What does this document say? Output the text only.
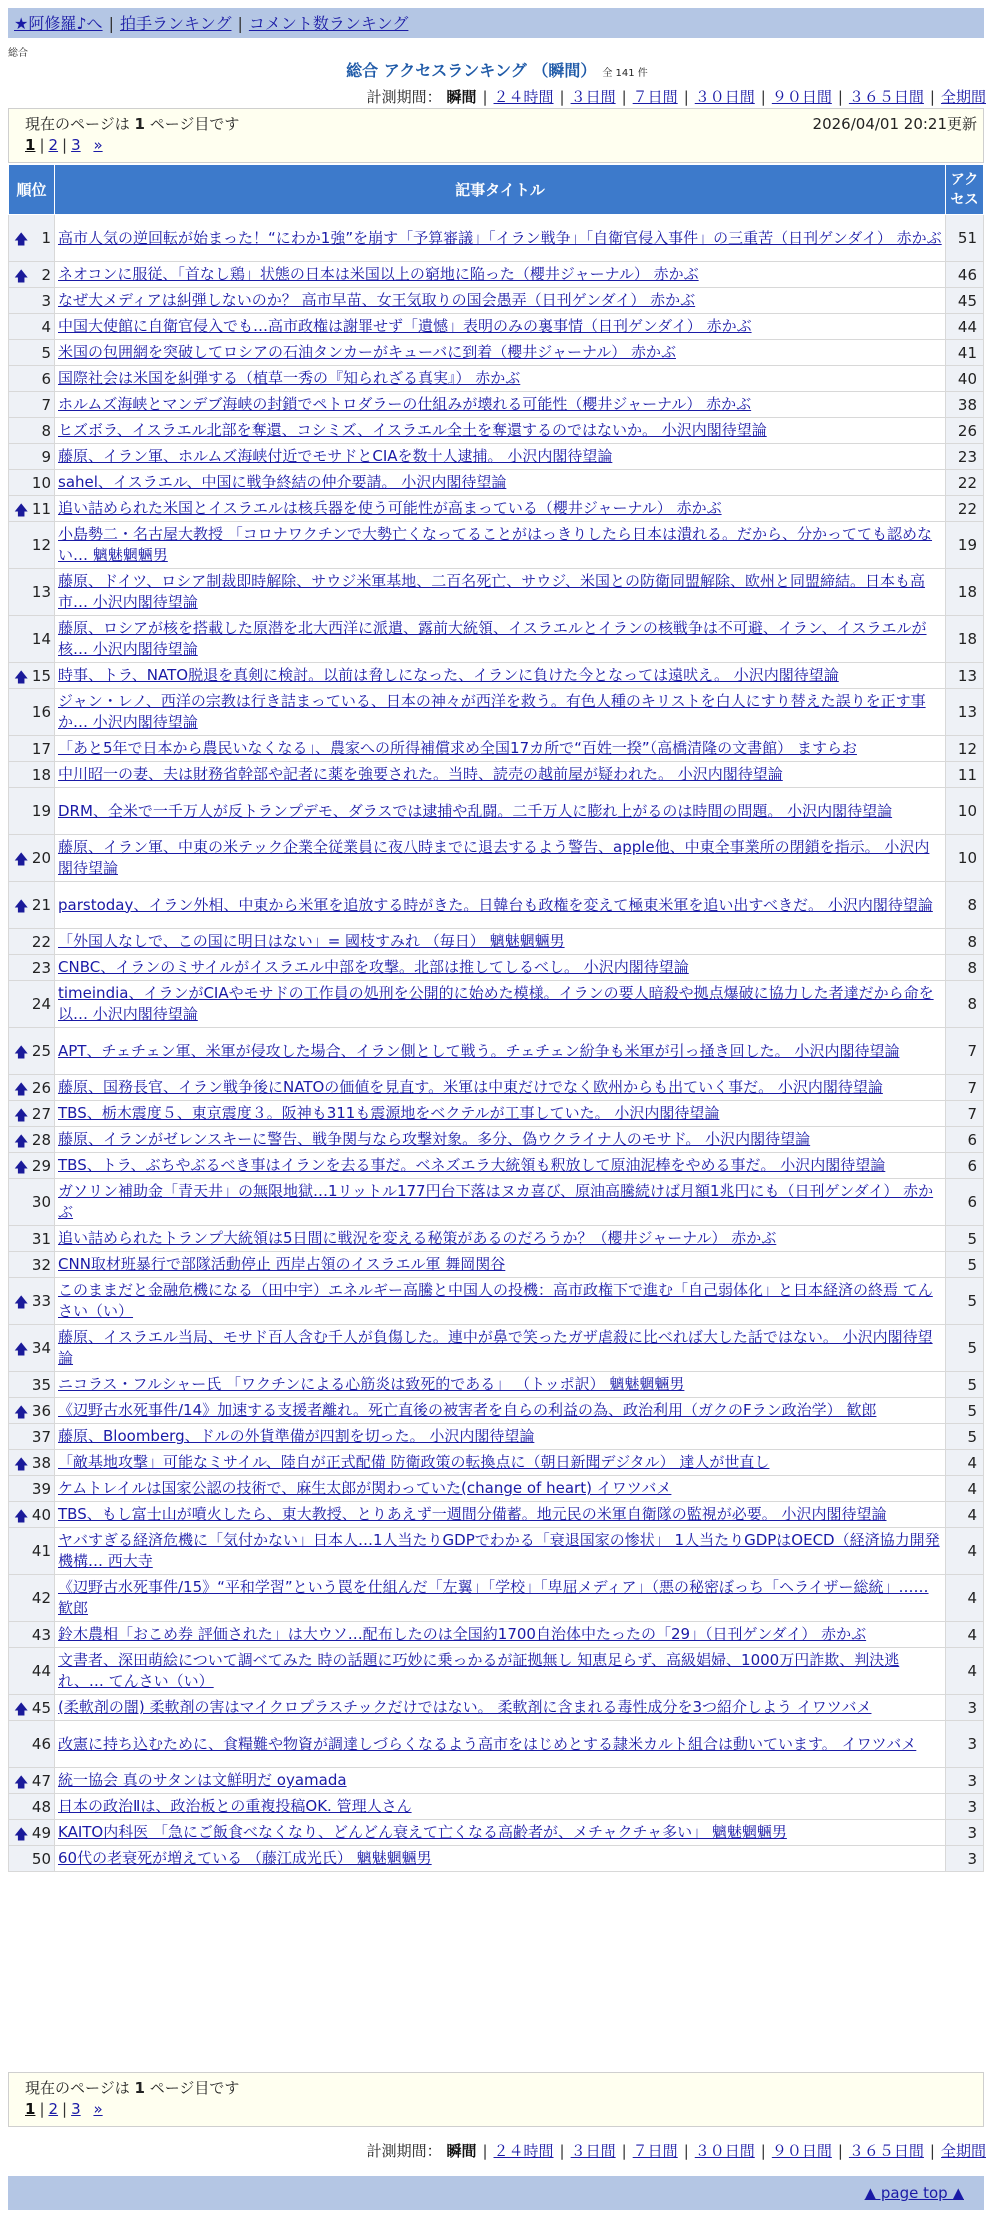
★阿修羅♪へ | 拍手ランキング | コメント数ランキング
総合
総合 アクセスランキング （瞬間） 全 141 件
計測期間： 瞬間 | ２４時間 | ３日間 | ７日間 | ３０日間 | ９０日間 | ３６５日間 | 全期間
現在のページは 1 ページ目です	2026/04/01 20:21更新
1 | 2 | 3 »
順位	記事タイトル	アクセス

🡅 1	高市人気の逆回転が始まった！“にわか1強”を崩す「予算審議」「イラン戦争」「自衛官侵入事件」の三重苦（日刊ゲンダイ） 赤かぶ	51

🡅 2	ネオコンに服従、「首なし鶏」状態の日本は米国以上の窮地に陥った（櫻井ジャーナル） 赤かぶ	46
3	なぜ大メディアは糾弾しないのか？ 高市早苗、女王気取りの国会愚弄（日刊ゲンダイ） 赤かぶ	45
4	中国大使館に自衛官侵入でも…高市政権は謝罪せず「遺憾」表明のみの裏事情（日刊ゲンダイ） 赤かぶ	44
5	米国の包囲網を突破してロシアの石油タンカーがキューバに到着（櫻井ジャーナル） 赤かぶ	41
6	国際社会は米国を糾弾する（植草一秀の『知られざる真実』） 赤かぶ	40
7	ホルムズ海峡とマンデブ海峡の封鎖でペトロダラーの仕組みが壊れる可能性（櫻井ジャーナル） 赤かぶ	38
8	ヒズボラ、イスラエル北部を奪還、コシミズ、イスラエル全土を奪還するのではないか。 小沢内閣待望論	26
9	藤原、イラン軍、ホルムズ海峡付近でモサドとCIAを数十人逮捕。 小沢内閣待望論	23
10	sahel、イスラエル、中国に戦争終結の仲介要請。 小沢内閣待望論	22

🡅 11	追い詰められた米国とイスラエルは核兵器を使う可能性が高まっている（櫻井ジャーナル） 赤かぶ	22
12	小島勢二・名古屋大教授 「コロナワクチンで大勢亡くなってることがはっきりしたら日本は潰れる。だから、分かってても認めない… 魑魅魍魎男	19
13	藤原、ドイツ、ロシア制裁即時解除、サウジ米軍基地、二百名死亡、サウジ、米国との防衛同盟解除、欧州と同盟締結。日本も高市… 小沢内閣待望論	18
14	藤原、ロシアが核を搭載した原潜を北大西洋に派遣、露前大統領、イスラエルとイランの核戦争は不可避、イラン、イスラエルが核… 小沢内閣待望論	18

🡅 15	時事、トラ、NATO脱退を真剣に検討。以前は脅しになった、イランに負けた今となっては遠吠え。 小沢内閣待望論	13
16	ジャン・レノ、西洋の宗教は行き詰まっている、日本の神々が西洋を救う。有色人種のキリストを白人にすり替えた誤りを正す事か… 小沢内閣待望論	13
17	「あと5年で日本から農民いなくなる」、農家への所得補償求め全国17カ所で“百姓一揆”（高橋清隆の文書館） ますらお	12
18	中川昭一の妻、夫は財務省幹部や記者に薬を強要された。当時、読売の越前屋が疑われた。 小沢内閣待望論	11
19	DRM、全米で一千万人が反トランプデモ、ダラスでは逮捕や乱闘。二千万人に膨れ上がるのは時間の問題。 小沢内閣待望論	10

🡅 20	藤原、イラン軍、中東の米テック企業全従業員に夜八時までに退去するよう警告、apple他、中東全事業所の閉鎖を指示。 小沢内閣待望論	10

🡅 21	parstoday、イラン外相、中東から米軍を追放する時がきた。日韓台も政権を変えて極東米軍を追い出すべきだ。 小沢内閣待望論	8
22	「外国人なしで、この国に明日はない」= 國枝すみれ （毎日） 魑魅魍魎男	8
23	CNBC、イランのミサイルがイスラエル中部を攻撃。北部は推してしるべし。 小沢内閣待望論	8
24	timeindia、イランがCIAやモサドの工作員の処刑を公開的に始めた模様。イランの要人暗殺や拠点爆破に協力した者達だから命を以… 小沢内閣待望論	8

🡅 25	APT、チェチェン軍、米軍が侵攻した場合、イラン側として戦う。チェチェン紛争も米軍が引っ掻き回した。 小沢内閣待望論	7

🡅 26	藤原、国務長官、イラン戦争後にNATOの価値を見直す。米軍は中東だけでなく欧州からも出ていく事だ。 小沢内閣待望論	7

🡅 27	TBS、栃木震度５、東京震度３。阪神も311も震源地をベクテルが工事していた。 小沢内閣待望論	7

🡅 28	藤原、イランがゼレンスキーに警告、戦争関与なら攻撃対象。多分、偽ウクライナ人のモサド。 小沢内閣待望論	6

🡅 29	TBS、トラ、ぶちやぶるべき事はイランを去る事だ。ベネズエラ大統領も釈放して原油泥棒をやめる事だ。 小沢内閣待望論	6
30	ガソリン補助金「青天井」の無限地獄…1リットル177円台下落はヌカ喜び、原油高騰続けば月額1兆円にも（日刊ゲンダイ） 赤かぶ	6
31	追い詰められたトランプ大統領は5日間に戦況を変える秘策があるのだろうか？（櫻井ジャーナル） 赤かぶ	5
32	CNN取材班暴行で部隊活動停止 西岸占領のイスラエル軍 舞岡関谷	5

🡅 33	このままだと金融危機になる（田中宇）エネルギー高騰と中国人の投機：高市政権下で進む「自己弱体化」と日本経済の終焉 てんさい（い）	5

🡅 34	藤原、イスラエル当局、モサド百人含む千人が負傷した。連中が鼻で笑ったガザ虐殺に比べれば大した話ではない。 小沢内閣待望論	5
35	ニコラス・フルシャー氏 「ワクチンによる心筋炎は致死的である」 （トッポ訳） 魑魅魍魎男	5

🡅 36	《辺野古水死事件/14》加速する支援者離れ。死亡直後の被害者を自らの利益の為、政治利用（ガクのFラン政治学） 歓郎	5
37	藤原、Bloomberg、ドルの外貨準備が四割を切った。 小沢内閣待望論	5

🡅 38	「敵基地攻撃」可能なミサイル、陸自が正式配備 防衛政策の転換点に（朝日新聞デジタル） 達人が世直し	4
39	ケムトレイルは国家公認の技術で、麻生太郎が関わっていた(change of heart) イワツバメ	4

🡅 40	TBS、もし富士山が噴火したら、東大教授、とりあえず一週間分備蓄。地元民の米軍自衛隊の監視が必要。 小沢内閣待望論	4
41	ヤバすぎる経済危機に「気付かない」日本人…1人当たりGDPでわかる「衰退国家の惨状」 1人当たりGDPはOECD（経済協力開発機構… 西大寺	4
42	《辺野古水死事件/15》“平和学習”という罠を仕組んだ「左翼」「学校」「卑屈メディア」（悪の秘密ぼっち「ヘライザー総統」…… 歓郎	4
43	鈴木農相「おこめ券 評価された」は大ウソ…配布したのは全国約1700自治体中たったの「29」（日刊ゲンダイ） 赤かぶ	4
44	文書者、深田萌絵について調べてみた 時の話題に巧妙に乗っかるが証拠無し 知恵足らず、高級娼婦、1000万円詐欺、判決逃れ、… てんさい（い）	4

🡅 45	(柔軟剤の闇) 柔軟剤の害はマイクロプラスチックだけではない。 柔軟剤に含まれる毒性成分を3つ紹介しよう イワツバメ	3
46	改憲に持ち込むために、食糧難や物資が調達しづらくなるよう高市をはじめとする隷米カルト組合は動いています。 イワツバメ	3

🡅 47	統一協会 真のサタンは文鮮明だ oyamada	3
48	日本の政治Ⅱは、政治板との重複投稿OK. 管理人さん	3

🡅 49	KAITO内科医 「急にご飯食べなくなり、どんどん衰えて亡くなる高齢者が、メチャクチャ多い」 魑魅魍魎男	3
50	60代の老衰死が増えている （藤江成光氏） 魑魅魍魎男	3
現在のページは 1 ページ目です
1 | 2 | 3 »
計測期間： 瞬間 | ２４時間 | ３日間 | ７日間 | ３０日間 | ９０日間 | ３６５日間 | 全期間
▲ page top ▲
